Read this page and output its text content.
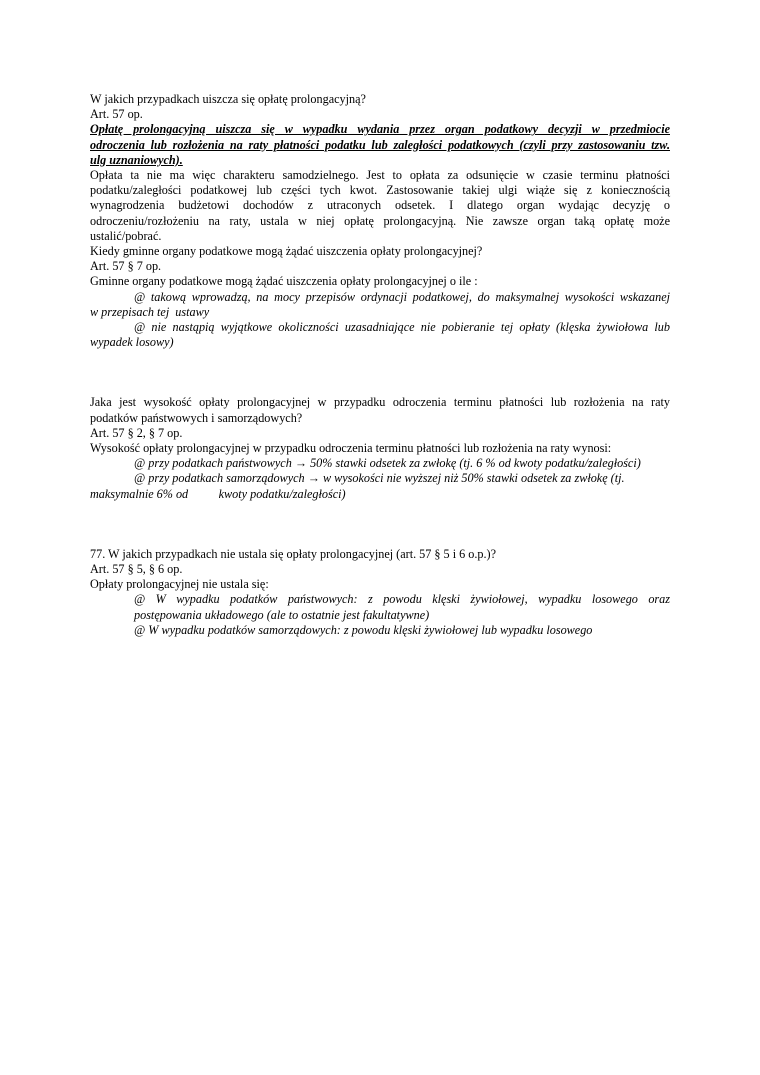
W jakich przypadkach uiszcza się opłatę prolongacyjną?

Art. 57 op.

Opłatę prolongacyjną uiszcza się w wypadku wydania przez organ podatkowy decyzji w przedmiocie

odroczenia lub rozłożenia na raty płatności podatku lub zaległości podatkowych (czyli przy zastosowaniu tzw.

ulg uznaniowych).

Opłata ta nie ma więc charakteru samodzielnego. Jest to opłata za odsunięcie w czasie terminu płatności

podatku/zaległości podatkowej lub części tych kwot. Zastosowanie takiej ulgi wiąże się z koniecznością

wynagrodzenia budżetowi dochodów z utraconych odsetek. I dlatego organ wydając decyzję o

odroczeniu/rozłożeniu na raty, ustala w niej opłatę prolongacyjną. Nie zawsze organ taką opłatę może

ustalić/pobrać.

Kiedy gminne organy podatkowe mogą żądać uiszczenia opłaty prolongacyjnej?

Art. 57 § 7 op.

Gminne organy podatkowe mogą żądać uiszczenia opłaty prolongacyjnej o ile :

@ takową wprowadzą, na mocy przepisów ordynacji podatkowej, do maksymalnej wysokości wskazanej

w przepisach tej  ustawy

@ nie nastąpią wyjątkowe okoliczności uzasadniające nie pobieranie tej opłaty (klęska żywiołowa lub

wypadek losowy)

Jaka jest wysokość opłaty prolongacyjnej w przypadku odroczenia terminu płatności lub rozłożenia na raty

podatków państwowych i samorządowych?

Art. 57 § 2, § 7 op.

Wysokość opłaty prolongacyjnej w przypadku odroczenia terminu płatności lub rozłożenia na raty wynosi:

@ przy podatkach państwowych → 50% stawki odsetek za zwłokę (tj. 6 % od kwoty podatku/zaległości)

@ przy podatkach samorządowych → w wysokości nie wyższej niż 50% stawki odsetek za zwłokę (tj.

maksymalnie 6% od          kwoty podatku/zaległości)

77. W jakich przypadkach nie ustala się opłaty prolongacyjnej (art. 57 § 5 i 6 o.p.)?

Art. 57 § 5, § 6 op.

Opłaty prolongacyjnej nie ustala się:

@ W wypadku podatków państwowych: z powodu klęski żywiołowej, wypadku losowego oraz

postępowania układowego (ale to ostatnie jest fakultatywne)

@ W wypadku podatków samorządowych: z powodu klęski żywiołowej lub wypadku losowego
